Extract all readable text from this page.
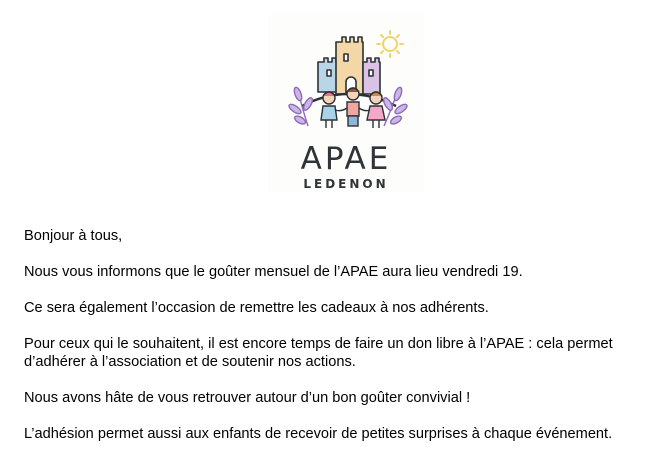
APAE
LEDENON

Bonjour à tous,

Nous vous informons que le goûter mensuel de l’APAE aura lieu vendredi 19.

Ce sera également l’occasion de remettre les cadeaux à nos adhérents.

Pour ceux qui le souhaitent, il est encore temps de faire un don libre à l’APAE : cela permet
d’adhérer à l’association et de soutenir nos actions.

Nous avons hâte de vous retrouver autour d’un bon goûter convivial !

L’adhésion permet aussi aux enfants de recevoir de petites surprises à chaque événement.
